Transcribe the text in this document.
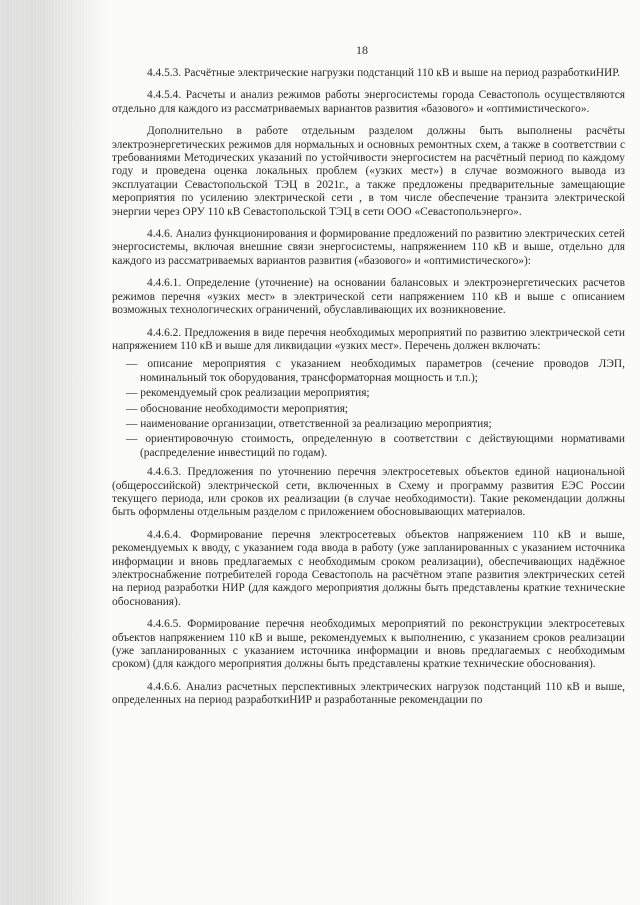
18

4.4.5.3. Расчётные электрические нагрузки подстанций 110 кВ и выше на период разработкиНИР.

4.4.5.4. Расчеты и анализ режимов работы энергосистемы города Севастополь осуществляются отдельно для каждого из рассматриваемых вариантов развития «базового» и «оптимистического».

Дополнительно в работе отдельным разделом должны быть выполнены расчёты электроэнергетических режимов для нормальных и основных ремонтных схем, а также в соответствии с требованиями Методических указаний по устойчивости энергосистем на расчётный период по каждому году и проведена оценка локальных проблем («узких мест») в случае возможного вывода из эксплуатации Севастопольской ТЭЦ в 2021г., а также предложены предварительные замещающие мероприятия по усилению электрической сети , в том числе обеспечение транзита электрической энергии через ОРУ 110 кВ Севастопольской ТЭЦ в сети ООО «Севастопольэнерго».

4.4.6. Анализ функционирования и формирование предложений по развитию электрических сетей энергосистемы, включая внешние связи энергосистемы, напряжением 110 кВ и выше, отдельно для каждого из рассматриваемых вариантов развития («базового» и «оптимистического»):

4.4.6.1. Определение (уточнение) на основании балансовых и электроэнергетических расчетов режимов перечня «узких мест» в электрической сети напряжением 110 кВ и выше с описанием возможных технологических ограничений, обуславливающих их возникновение.

4.4.6.2. Предложения в виде перечня необходимых мероприятий по развитию электрической сети напряжением 110 кВ и выше для ликвидации «узких мест». Перечень должен включать:

— описание мероприятия с указанием необходимых параметров (сечение проводов ЛЭП, номинальный ток оборудования, трансформаторная мощность и т.п.);
— рекомендуемый срок реализации мероприятия;
— обоснование необходимости мероприятия;
— наименование организации, ответственной за реализацию мероприятия;
— ориентировочную стоимость, определенную в соответствии с действующими нормативами (распределение инвестиций по годам).

4.4.6.3. Предложения по уточнению перечня электросетевых объектов единой национальной (общероссийской) электрической сети, включенных в Схему и программу развития ЕЭС России текущего периода, или сроков их реализации (в случае необходимости). Такие рекомендации должны быть оформлены отдельным разделом с приложением обосновывающих материалов.

4.4.6.4. Формирование перечня электросетевых объектов напряжением 110 кВ и выше, рекомендуемых к вводу, с указанием года ввода в работу (уже запланированных с указанием источника информации и вновь предлагаемых с необходимым сроком реализации), обеспечивающих надёжное электроснабжение потребителей города Севастополь на расчётном этапе развития электрических сетей на период разработки НИР (для каждого мероприятия должны быть представлены краткие технические обоснования).

4.4.6.5. Формирование перечня необходимых мероприятий по реконструкции электросетевых объектов напряжением 110 кВ и выше, рекомендуемых к выполнению, с указанием сроков реализации (уже запланированных с указанием источника информации и вновь предлагаемых с необходимым сроком) (для каждого мероприятия должны быть представлены краткие технические обоснования).

4.4.6.6. Анализ расчетных перспективных электрических нагрузок подстанций 110 кВ и выше, определенных на период разработкиНИР и разработанные рекомендации по
